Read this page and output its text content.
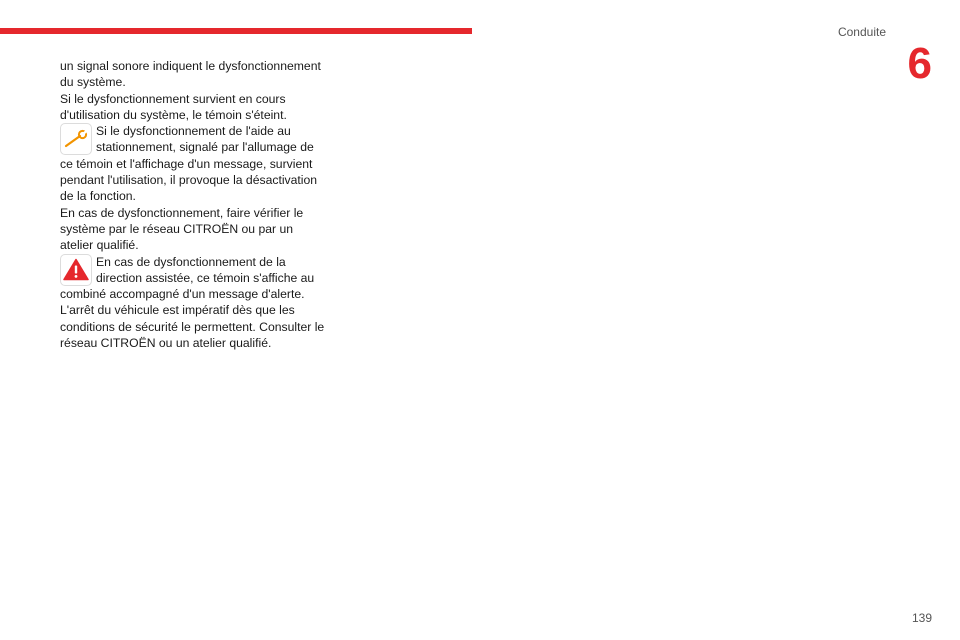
Conduite
6

un signal sonore indiquent le dysfonctionnement du système.

Si le dysfonctionnement survient en cours d'utilisation du système, le témoin s'éteint.

Si le dysfonctionnement de l'aide au stationnement, signalé par l'allumage de ce témoin et l'affichage d'un message, survient pendant l'utilisation, il provoque la désactivation de la fonction.

En cas de dysfonctionnement, faire vérifier le système par le réseau CITROËN ou par un atelier qualifié.

En cas de dysfonctionnement de la direction assistée, ce témoin s'affiche au combiné accompagné d'un message d'alerte.

L'arrêt du véhicule est impératif dès que les conditions de sécurité le permettent. Consulter le réseau CITROËN ou un atelier qualifié.

139
